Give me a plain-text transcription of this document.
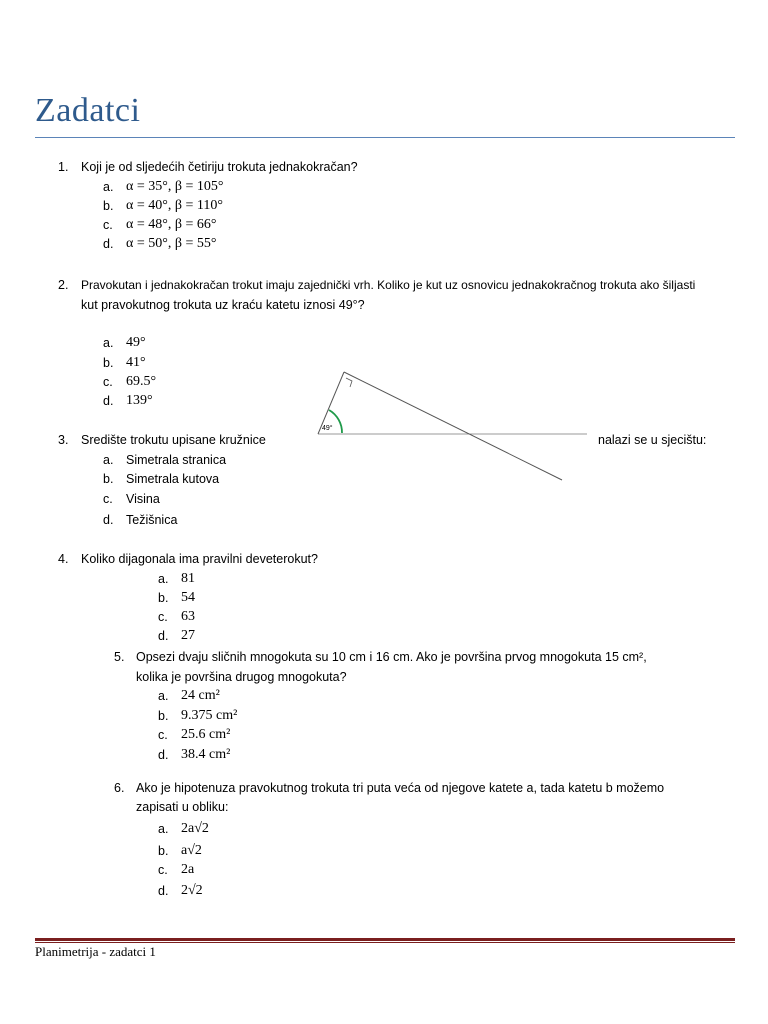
Zadatci
1. Koji je od sljedećih četiriju trokuta jednakokračan?
a. α = 35°, β = 105°
b. α = 40°, β = 110°
c. α = 48°, β = 66°
d. α = 50°, β = 55°
2. Pravokutan i jednakokračan trokut imaju zajednički vrh. Koliko je kut uz osnovicu jednakokračnog trokuta ako šiljasti
kut pravokutnog trokuta uz kraću katetu iznosi 49°?
a. 49°
b. 41°
c. 69.5°
d. 139°
49°
3. Središte trokutu upisane kružnice	nalazi se u sjecištu:
a. Simetrala stranica
b. Simetrala kutova
c. Visina
d. Težišnica
4. Koliko dijagonala ima pravilni deveterokut?
a. 81
b. 54
c. 63
d. 27
5. Opsezi dvaju sličnih mnogokuta su 10 cm i 16 cm. Ako je površina prvog mnogokuta 15 cm²,
kolika je površina drugog mnogokuta?
a. 24 cm²
b. 9.375 cm²
c. 25.6 cm²
d. 38.4 cm²
6. Ako je hipotenuza pravokutnog trokuta tri puta veća od njegove katete a, tada katetu b možemo
zapisati u obliku:
a. 2a√2
b. a√2
c. 2a
d. 2√2
Planimetrija - zadatci 1
